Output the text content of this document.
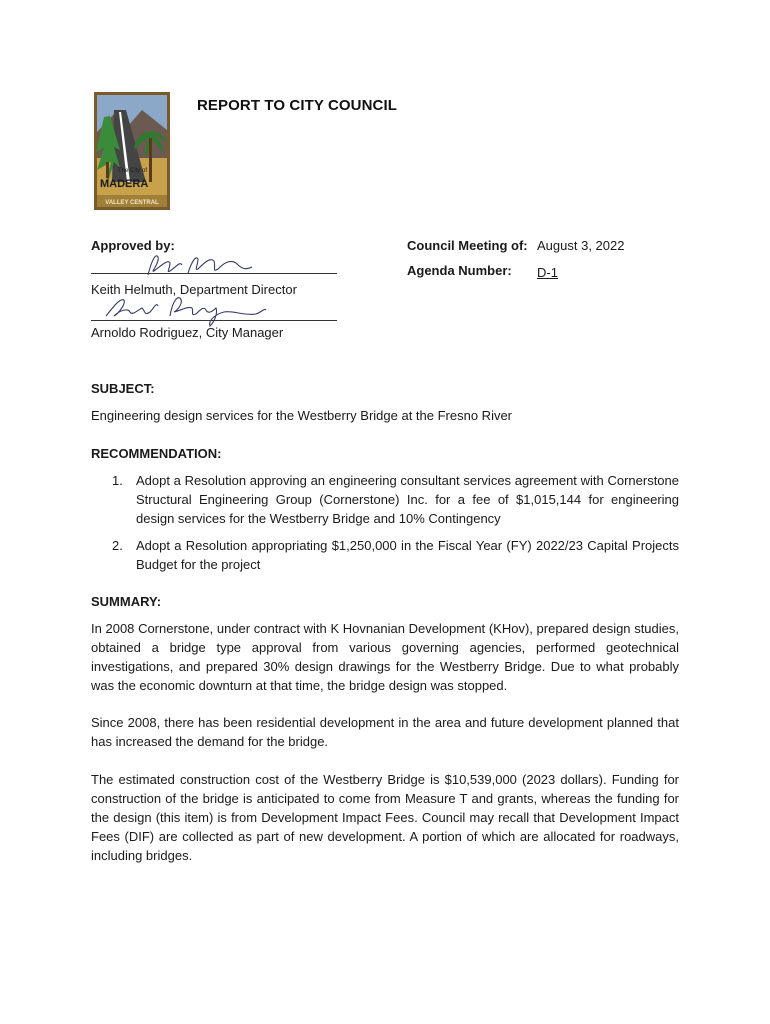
The City of
MADERA
VALLEY CENTRAL
REPORT TO CITY COUNCIL
Approved by:
Keith Helmuth, Department Director
Arnoldo Rodriguez, City Manager
Council Meeting of: August 3, 2022
Agenda Number: D-1
SUBJECT:
Engineering design services for the Westberry Bridge at the Fresno River
RECOMMENDATION:
1.	Adopt a Resolution approving an engineering consultant services agreement with Cornerstone Structural Engineering Group (Cornerstone) Inc. for a fee of $1,015,144 for engineering design services for the Westberry Bridge and 10% Contingency
2.	Adopt a Resolution appropriating $1,250,000 in the Fiscal Year (FY) 2022/23 Capital Projects Budget for the project
SUMMARY:
In 2008 Cornerstone, under contract with K Hovnanian Development (KHov), prepared design studies, obtained a bridge type approval from various governing agencies, performed geotechnical investigations, and prepared 30% design drawings for the Westberry Bridge. Due to what probably was the economic downturn at that time, the bridge design was stopped.
Since 2008, there has been residential development in the area and future development planned that has increased the demand for the bridge.
The estimated construction cost of the Westberry Bridge is $10,539,000 (2023 dollars). Funding for construction of the bridge is anticipated to come from Measure T and grants, whereas the funding for the design (this item) is from Development Impact Fees. Council may recall that Development Impact Fees (DIF) are collected as part of new development. A portion of which are allocated for roadways, including bridges.
